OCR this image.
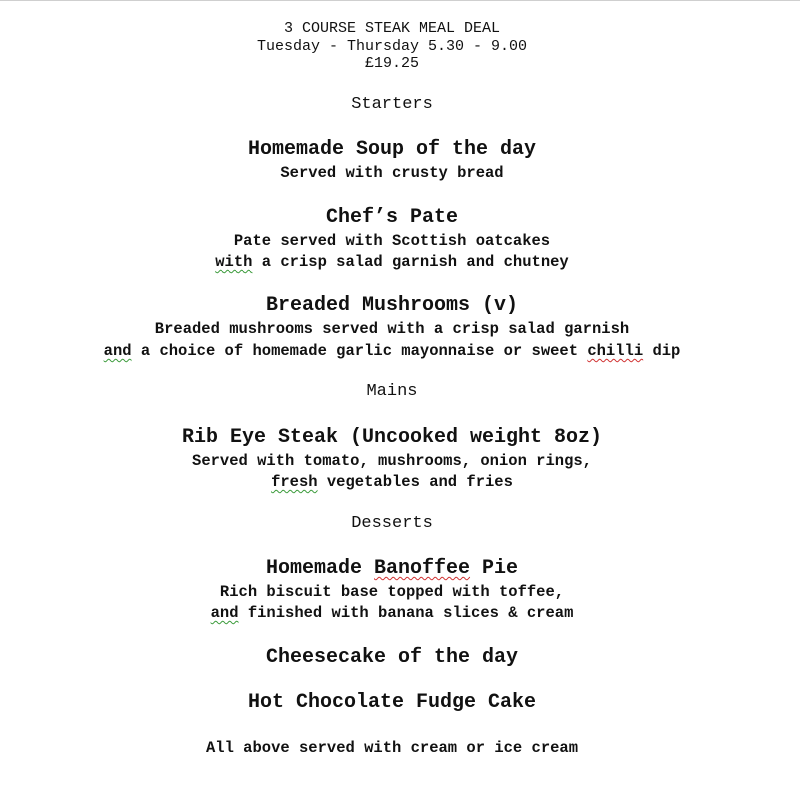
3 COURSE STEAK MEAL DEAL
Tuesday - Thursday 5.30 - 9.00
£19.25
Starters
Homemade Soup of the day
Served with crusty bread
Chef’s Pate
Pate served with Scottish oatcakes
with a crisp salad garnish and chutney
Breaded Mushrooms (v)
Breaded mushrooms served with a crisp salad garnish
and a choice of homemade garlic mayonnaise or sweet chilli dip
Mains
Rib Eye Steak (Uncooked weight 8oz)
Served with tomato, mushrooms, onion rings,
fresh vegetables and fries
Desserts
Homemade Banoffee Pie
Rich biscuit base topped with toffee,
and finished with banana slices & cream
Cheesecake of the day
Hot Chocolate Fudge Cake
All above served with cream or ice cream
